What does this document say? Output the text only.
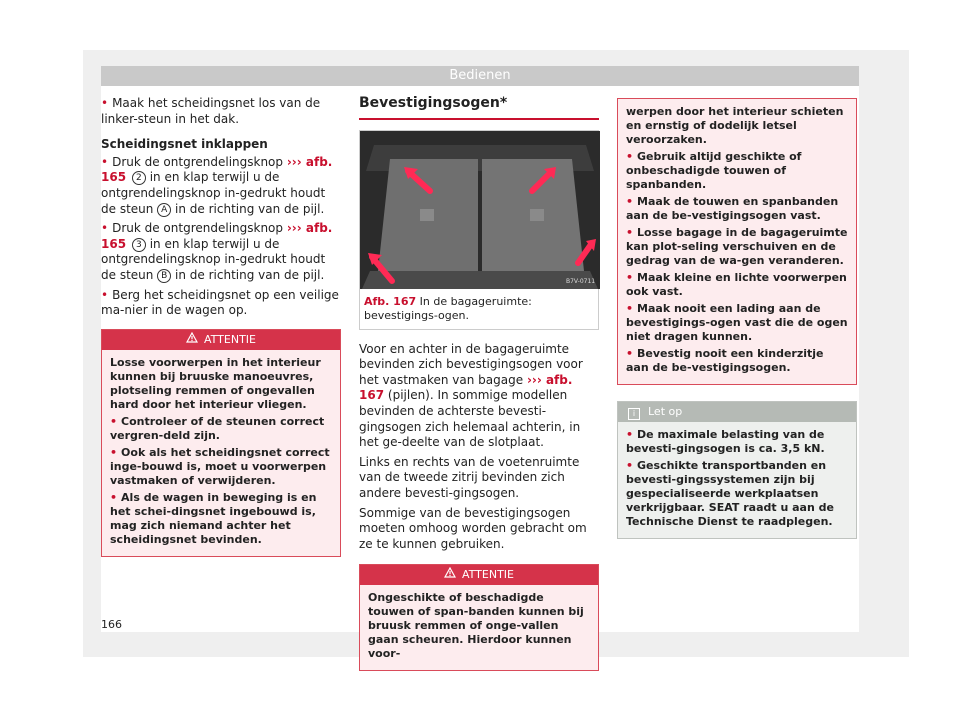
Bedienen

• Maak het scheidingsnet los van de linker-steun in het dak.

Scheidingsnet inklappen

• Druk de ontgrendelingsknop ››› afb. 165 2 in en klap terwijl u de ontgrendelingsknop in-gedrukt houdt de steun A in de richting van de pijl.

• Druk de ontgrendelingsknop ››› afb. 165 3 in en klap terwijl u de ontgrendelingsknop in-gedrukt houdt de steun B in de richting van de pijl.

• Berg het scheidingsnet op een veilige ma-nier in de wagen op.

ATTENTIE

Losse voorwerpen in het interieur kunnen bij bruuske manoeuvres, plotseling remmen of ongevallen hard door het interieur vliegen.

• Controleer of de steunen correct vergren-deld zijn.

• Ook als het scheidingsnet correct inge-bouwd is, moet u voorwerpen vastmaken of verwijderen.

• Als de wagen in beweging is en het schei-dingsnet ingebouwd is, mag zich niemand achter het scheidingsnet bevinden.

Bevestigingsogen*
B7V-0711
Afb. 167 In de bagageruimte: bevestigings-ogen.

Voor en achter in de bagageruimte bevinden zich bevestigingsogen voor het vastmaken van bagage ››› afb. 167 (pijlen). In sommige modellen bevinden de achterste bevesti-gingsogen zich helemaal achterin, in het ge-deelte van de slotplaat.

Links en rechts van de voetenruimte van de tweede zitrij bevinden zich andere bevesti-gingsogen.

Sommige van de bevestigingsogen moeten omhoog worden gebracht om ze te kunnen gebruiken.

ATTENTIE

Ongeschikte of beschadigde touwen of span-banden kunnen bij bruusk remmen of onge-vallen gaan scheuren. Hierdoor kunnen voor-

werpen door het interieur schieten en ernstig of dodelijk letsel veroorzaken.

• Gebruik altijd geschikte of onbeschadigde touwen of spanbanden.

• Maak de touwen en spanbanden aan de be-vestigingsogen vast.

• Losse bagage in de bagageruimte kan plot-seling verschuiven en de gedrag van de wa-gen veranderen.

• Maak kleine en lichte voorwerpen ook vast.

• Maak nooit een lading aan de bevestigings-ogen vast die de ogen niet dragen kunnen.

• Bevestig nooit een kinderzitje aan de be-vestigingsogen.

i Let op

• De maximale belasting van de bevesti-gingsogen is ca. 3,5 kN.

• Geschikte transportbanden en bevesti-gingssystemen zijn bij gespecialiseerde werkplaatsen verkrijgbaar. SEAT raadt u aan de Technische Dienst te raadplegen.

166
